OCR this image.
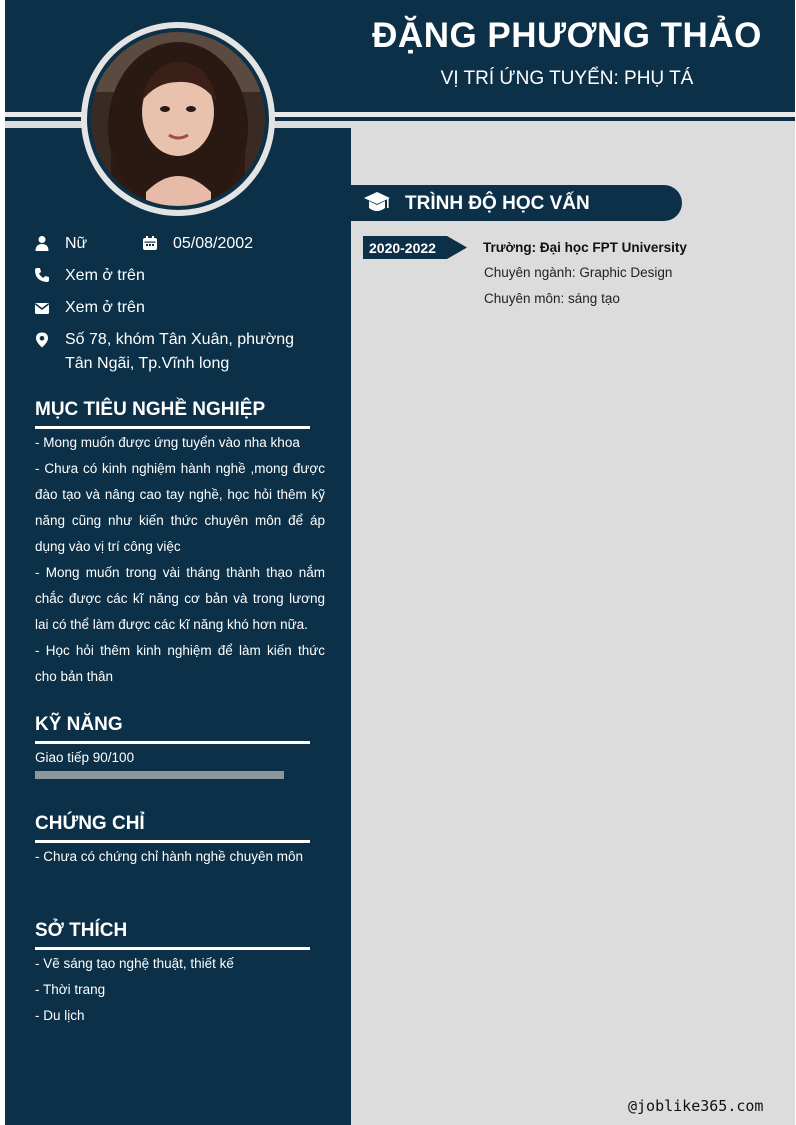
ĐẶNG PHƯƠNG THẢO
VỊ TRÍ ỨNG TUYỂN: PHỤ TÁ
Nữ	05/08/2002
Xem ở trên
Xem ở trên
Số 78, khóm Tân Xuân, phường Tân Ngãi, Tp.Vĩnh long
MỤC TIÊU NGHỀ NGHIỆP

- Mong muốn được ứng tuyển vào nha khoa

- Chưa có kinh nghiệm hành nghề ,mong được đào tạo và nâng cao tay nghề, học hỏi thêm kỹ năng cũng như kiến thức chuyên môn để áp dụng vào vị trí công việc

- Mong muốn trong vài tháng thành thạo nắm chắc được các kĩ năng cơ bản và trong lương lai có thể làm được các kĩ năng khó hơn nữa.

- Học hỏi thêm kinh nghiệm để làm kiến thức cho bản thân

KỸ NĂNG
Giao tiếp 90/100
CHỨNG CHỈ

- Chưa có chứng chỉ hành nghề chuyên môn

SỞ THÍCH

- Vẽ sáng tạo nghệ thuật, thiết kế

- Thời trang

- Du lịch

TRÌNH ĐỘ HỌC VẤN
2020-2022	Trường: Đại học FPT University
Chuyên ngành: Graphic Design
Chuyên môn: sáng tạo
@joblike365.com
